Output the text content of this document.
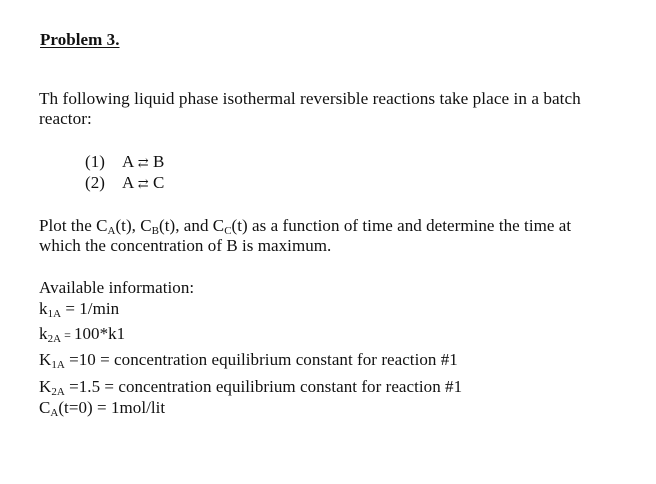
Problem 3.
Th following liquid phase isothermal reversible reactions take place in a batch
reactor:
(1) A ⇄ B
(2) A ⇄ C
Plot the CA(t), CB(t), and CC(t) as a function of time and determine the time at
which the concentration of B is maximum.
Available information:
k1A = 1/min
k2A = 100*k1
K1A =10 = concentration equilibrium constant for reaction #1
K2A =1.5 = concentration equilibrium constant for reaction #1
CA(t=0) = 1mol/lit
